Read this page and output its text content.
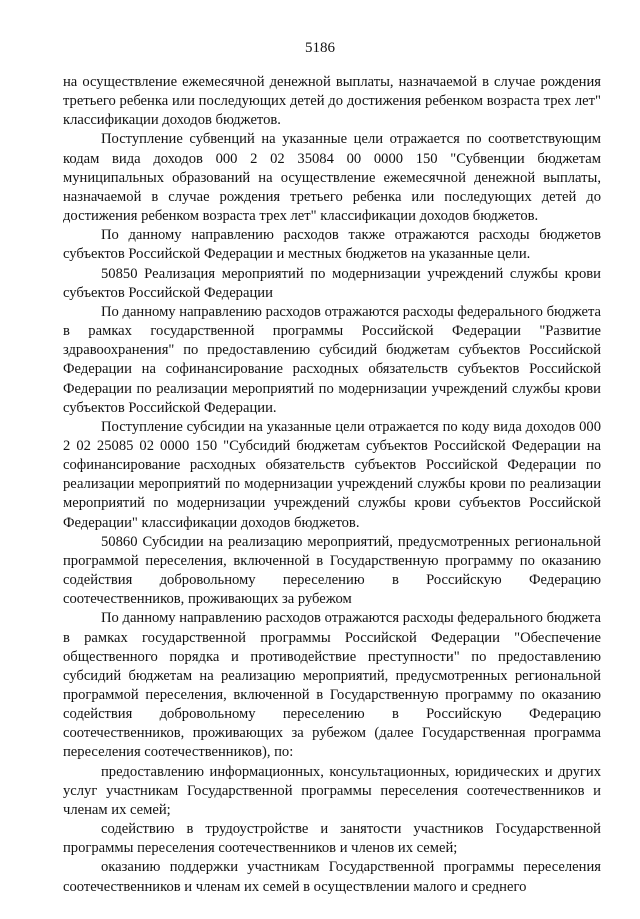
5186

на осуществление ежемесячной денежной выплаты, назначаемой в случае рождения третьего ребенка или последующих детей до достижения ребенком возраста трех лет" классификации доходов бюджетов.

Поступление субвенций на указанные цели отражается по соответствующим кодам вида доходов 000 2 02 35084 00 0000 150 "Субвенции бюджетам муниципальных образований на осуществление ежемесячной денежной выплаты, назначаемой в случае рождения третьего ребенка или последующих детей до достижения ребенком возраста трех лет" классификации доходов бюджетов.

По данному направлению расходов также отражаются расходы бюджетов субъектов Российской Федерации и местных бюджетов на указанные цели.

50850 Реализация мероприятий по модернизации учреждений службы крови субъектов Российской Федерации

По данному направлению расходов отражаются расходы федерального бюджета в рамках государственной программы Российской Федерации "Развитие здравоохранения" по предоставлению субсидий бюджетам субъектов Российской Федерации на софинансирование расходных обязательств субъектов Российской Федерации по реализации мероприятий по модернизации учреждений службы крови субъектов Российской Федерации.

Поступление субсидии на указанные цели отражается по коду вида доходов 000 2 02 25085 02 0000 150 "Субсидий бюджетам субъектов Российской Федерации на софинансирование расходных обязательств субъектов Российской Федерации по реализации мероприятий по модернизации учреждений службы крови по реализации мероприятий по модернизации учреждений службы крови субъектов Российской Федерации" классификации доходов бюджетов.

50860 Субсидии на реализацию мероприятий, предусмотренных региональной программой переселения, включенной в Государственную программу по оказанию содействия добровольному переселению в Российскую Федерацию соотечественников, проживающих за рубежом

По данному направлению расходов отражаются расходы федерального бюджета в рамках государственной программы Российской Федерации "Обеспечение общественного порядка и противодействие преступности" по предоставлению субсидий бюджетам на реализацию мероприятий, предусмотренных региональной программой переселения, включенной в Государственную программу по оказанию содействия добровольному переселению в Российскую Федерацию соотечественников, проживающих за рубежом (далее Государственная программа переселения соотечественников), по:

предоставлению информационных, консультационных, юридических и других услуг участникам Государственной программы переселения соотечественников и членам их семей;

содействию в трудоустройстве и занятости участников Государственной программы переселения соотечественников и членов их семей;

оказанию поддержки участникам Государственной программы переселения соотечественников и членам их семей в осуществлении малого и среднего
